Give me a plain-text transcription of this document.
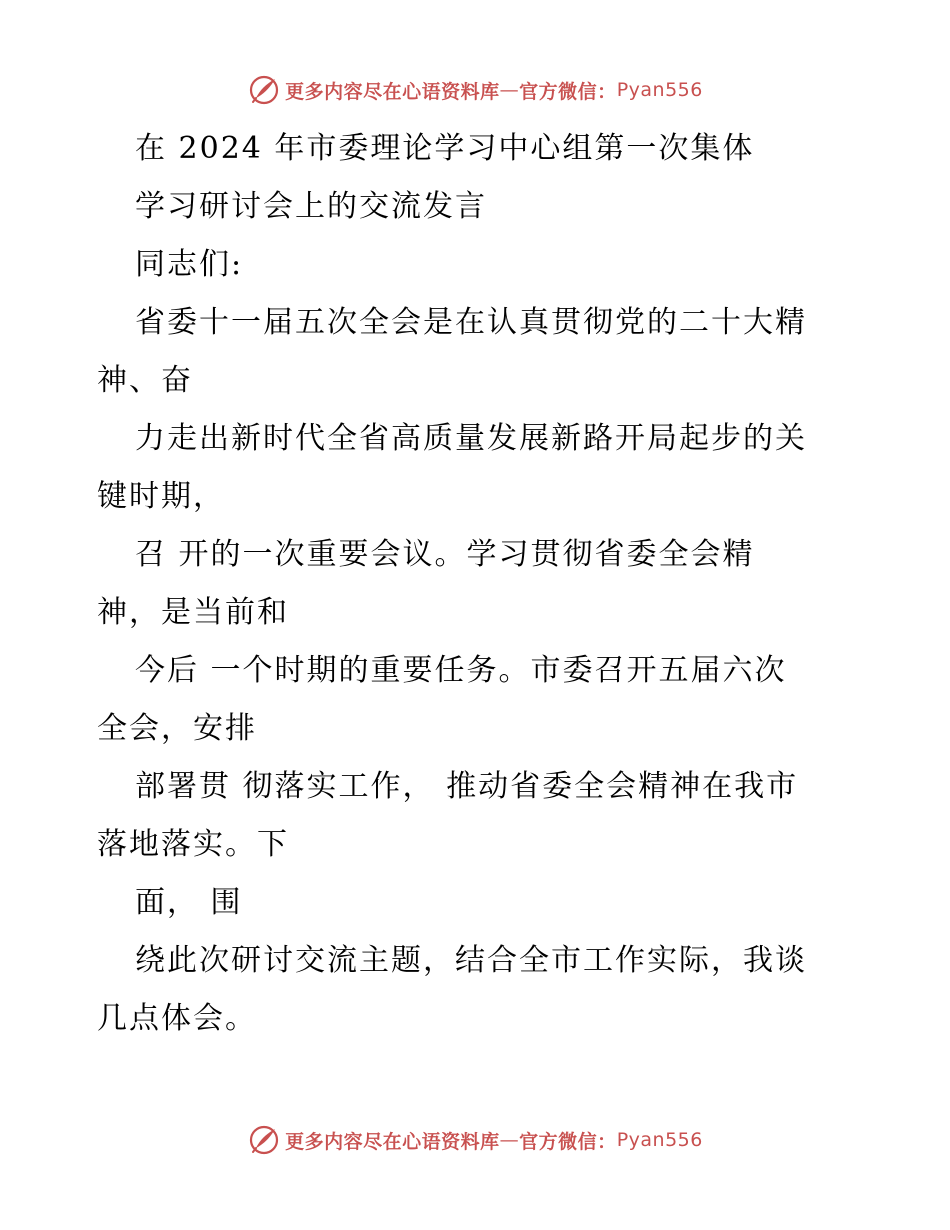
更多内容尽在心语资料库 — 官方微信： Pyan556
在 2024 年市委理论学习中心组第一次集体
学习研讨会上的交流发言
同志们:
省委十一届五次全会是在认真贯彻党的二十大精
神、奋
力走出新时代全省高质量发展新路开局起步的关
键时期，
召 开的一次重要会议。学习贯彻省委全会精
神，是当前和
今后 一个时期的重要任务。市委召开五届六次
全会，安排
部署贯 彻落实工作， 推动省委全会精神在我市
落地落实。下
面， 围
绕此次研讨交流主题，结合全市工作实际，我谈
几点体会。
更多内容尽在心语资料库 — 官方微信： Pyan556
